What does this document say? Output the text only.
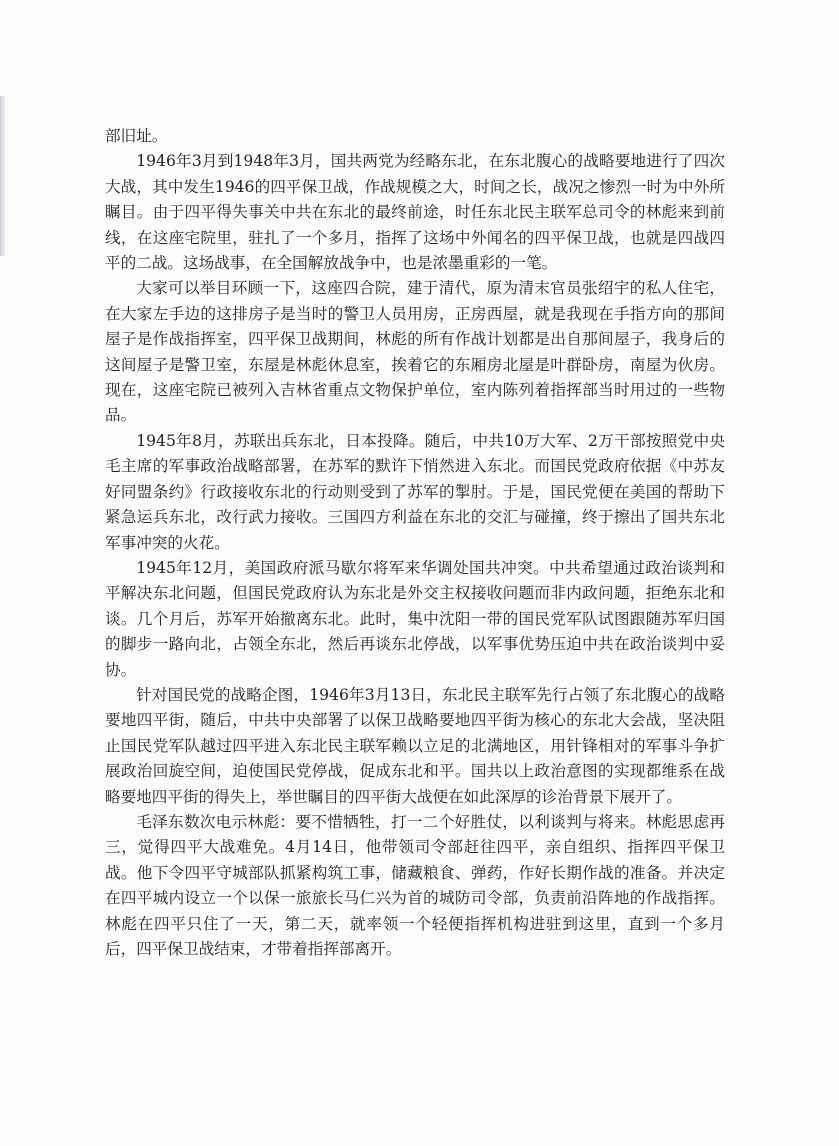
部旧址。

1946年3月到1948年3月，国共两党为经略东北，在东北腹心的战略要地进行了四次大战，其中发生1946的四平保卫战，作战规模之大，时间之长，战况之惨烈一时为中外所瞩目。由于四平得失事关中共在东北的最终前途，时任东北民主联军总司令的林彪来到前线，在这座宅院里，驻扎了一个多月，指挥了这场中外闻名的四平保卫战，也就是四战四平的二战。这场战事，在全国解放战争中，也是浓墨重彩的一笔。

大家可以举目环顾一下，这座四合院，建于清代，原为清末官员张绍宇的私人住宅，在大家左手边的这排房子是当时的警卫人员用房，正房西屋，就是我现在手指方向的那间屋子是作战指挥室，四平保卫战期间，林彪的所有作战计划都是出自那间屋子，我身后的这间屋子是警卫室，东屋是林彪休息室，挨着它的东厢房北屋是叶群卧房，南屋为伙房。现在，这座宅院已被列入吉林省重点文物保护单位，室内陈列着指挥部当时用过的一些物品。

1945年8月，苏联出兵东北，日本投降。随后，中共10万大军、2万干部按照党中央毛主席的军事政治战略部署，在苏军的默许下悄然进入东北。而国民党政府依据《中苏友好同盟条约》行政接收东北的行动则受到了苏军的掣肘。于是，国民党便在美国的帮助下紧急运兵东北，改行武力接收。三国四方利益在东北的交汇与碰撞，终于擦出了国共东北军事冲突的火花。

1945年12月，美国政府派马歇尔将军来华调处国共冲突。中共希望通过政治谈判和平解决东北问题，但国民党政府认为东北是外交主权接收问题而非内政问题，拒绝东北和谈。几个月后，苏军开始撤离东北。此时，集中沈阳一带的国民党军队试图跟随苏军归国的脚步一路向北，占领全东北，然后再谈东北停战，以军事优势压迫中共在政治谈判中妥协。

针对国民党的战略企图，1946年3月13日，东北民主联军先行占领了东北腹心的战略要地四平街，随后，中共中央部署了以保卫战略要地四平街为核心的东北大会战，坚决阻止国民党军队越过四平进入东北民主联军赖以立足的北满地区，用针锋相对的军事斗争扩展政治回旋空间，迫使国民党停战，促成东北和平。国共以上政治意图的实现都维系在战略要地四平街的得失上，举世瞩目的四平街大战便在如此深厚的诊治背景下展开了。

毛泽东数次电示林彪：要不惜牺牲，打一二个好胜仗，以利谈判与将来。林彪思虑再三，觉得四平大战难免。4月14日，他带领司令部赶往四平，亲自组织、指挥四平保卫战。他下令四平守城部队抓紧构筑工事，储藏粮食、弹药，作好长期作战的准备。并决定在四平城内设立一个以保一旅旅长马仁兴为首的城防司令部，负责前沿阵地的作战指挥。林彪在四平只住了一天，第二天，就率领一个轻便指挥机构进驻到这里，直到一个多月后，四平保卫战结束，才带着指挥部离开。
